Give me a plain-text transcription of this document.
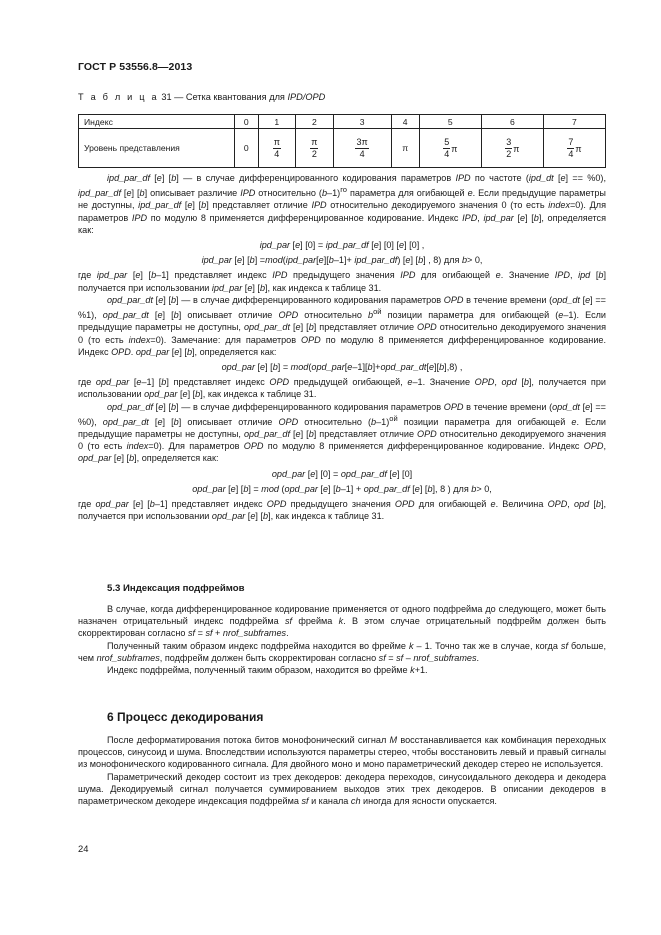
ГОСТ Р 53556.8—2013
Т а б л и ц а 31 — Сетка квантования для IPD/OPD
Индекс	0	1	2	3	4	5	6	7
Уровень представления	0	$\frac{\pi}{4}$	$\frac{\pi}{2}$	$\frac{3\pi}{4}$	π	$\frac{5}{4}$ π	$\frac{3}{2}$ π	$\frac{7}{4}$ π

ipd_par_df [e] [b] — в случае дифференцированного кодирования параметров IPD по частоте (ipd_dt [e] == %0), ipd_par_df [e] [b] описывает различие IPD относительно $(b-1)^{го}$ параметра для огибающей e. Если предыдущие параметры не доступны, ipd_par_df [e] [b] представляет отличие IPD относительно декодируемого значения 0 (то есть index=0). Для параметров IPD по модулю 8 применяется дифференцированное кодирование. Индекс IPD, ipd_par [e] [b], определяется как:

ipd_par [e] [0] = ipd_par_df [e] [0] [e] [0] ,

ipd_par [e] [b] =mod(ipd_par[e][b–1]+ ipd_par_df) [e] [b] , 8) для b> 0,

где ipd_par [e] [b–1] представляет индекс IPD предыдущего значения IPD для огибающей e. Значение IPD, ipd [b] получается при использовании ipd_par [e] [b], как индекса к таблице 31.

opd_par_dt [e] [b] — в случае дифференцированного кодирования параметров OPD в течение времени (opd_dt [e] == %1), opd_par_dt [e] [b] описывает отличие OPD относительно $b^{ой}$ позиции параметра для огибающей (e–1). Если предыдущие параметры не доступны, opd_par_dt [e] [b] представляет отличие OPD относительно декодируемого значения 0 (то есть index=0). Замечание: для параметров OPD по модулю 8 применяется дифференцированное кодирование. Индекс OPD. opd_par [e] [b], определяется как:

opd_par [e] [b] = mod(opd_par[e–1][b]+opd_par_dt[e][b],8) ,

где opd_par [e–1] [b] представляет индекс OPD предыдущей огибающей, e–1. Значение OPD, opd [b], получается при использовании opd_par [e] [b], как индекса к таблице 31.

opd_par_df [e] [b] — в случае дифференцированного кодирования параметров OPD в течение времени (opd_dt [e] == %0), opd_par_dt [e] [b] описывает отличие OPD относительно $(b-1)^{ой}$ позиции параметра для огибающей e. Если предыдущие параметры не доступны, opd_par_df [e] [b] представляет отличие OPD относительно декодируемого значения 0 (то есть index=0). Для параметров OPD по модулю 8 применяется дифференцированное кодирование. Индекс OPD, opd_par [e] [b], определяется как:

opd_par [e] [0] = opd_par_df [e] [0]

opd_par [e] [b] = mod (opd_par [e] [b–1] + opd_par_df [e] [b], 8 ) для b> 0,

где opd_par [e] [b–1] представляет индекс OPD предыдущего значения OPD для огибающей e. Величина OPD, opd [b], получается при использовании opd_par [e] [b], как индекса к таблице 31.

5.3 Индексация подфреймов

В случае, когда дифференцированное кодирование применяется от одного подфрейма до следующего, может быть назначен отрицательный индекс подфрейма sf фрейма k. В этом случае отрицательный подфрейм должен быть скорректирован согласно sf = sf + nrof_subframes.

Полученный таким образом индекс подфрейма находится во фрейме k – 1. Точно так же в случае, когда sf больше, чем nrof_subframes, подфрейм должен быть скорректирован согласно sf = sf – nrof_subframes.

Индекс подфрейма, полученный таким образом, находится во фрейме k+1.

6 Процесс декодирования

После деформатирования потока битов монофонический сигнал M восстанавливается как комбинация переходных процессов, синусоид и шума. Впоследствии используются параметры стерео, чтобы восстановить левый и правый сигналы из монофонического кодированного сигнала. Для двойного моно и моно параметрический декодер стерео не используется.

Параметрический декодер состоит из трех декодеров: декодера переходов, синусоидального декодера и декодера шума. Декодируемый сигнал получается суммированием выходов этих трех декодеров. В описании декодеров в параметрическом декодере индексация подфрейма sf и канала ch иногда для ясности опускается.

24
